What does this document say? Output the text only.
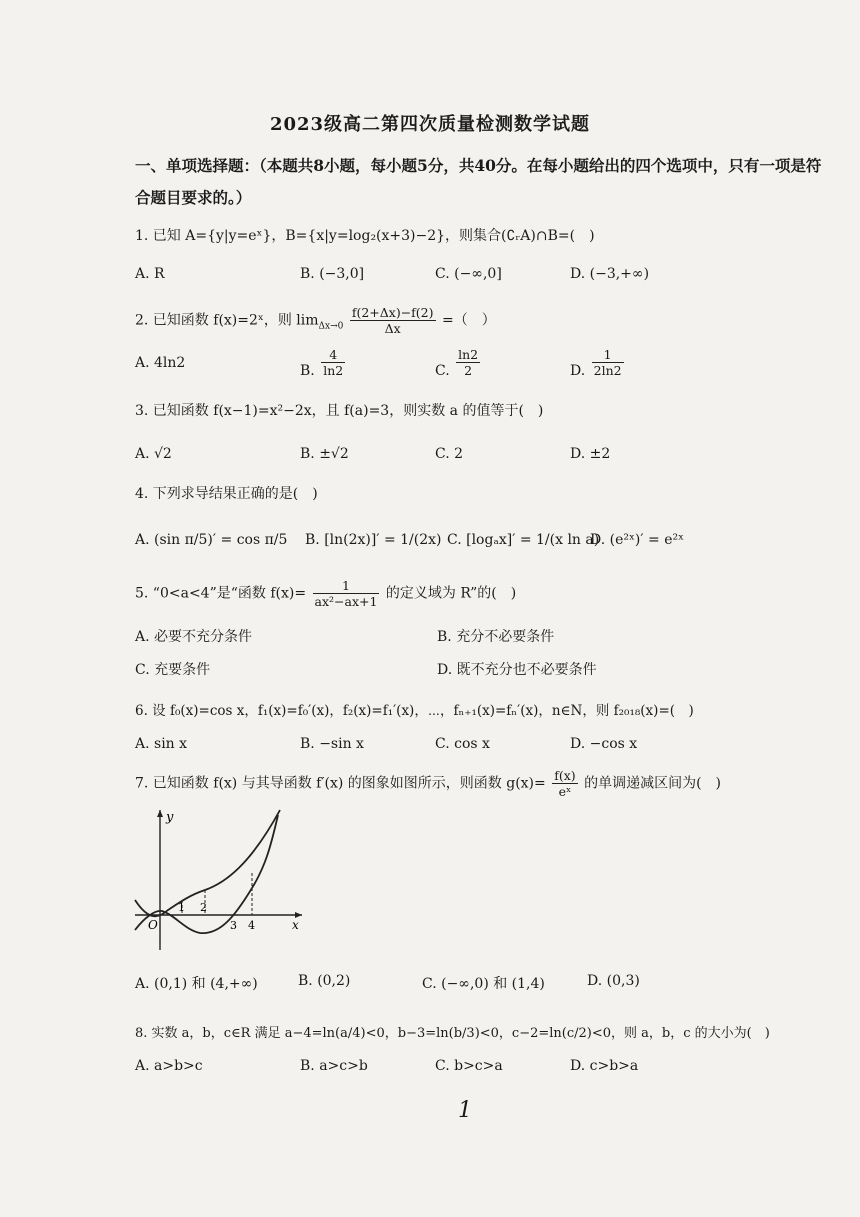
2023级高二第四次质量检测数学试题
一、单项选择题：（本题共8小题，每小题5分，共40分。在每小题给出的四个选项中，只有一项是符合题目要求的。）
1. 已知 A={y|y=eˣ}，B={x|y=log₂(x+3)−2}，则集合(∁ᵣA)∩B=(　)
A. R	B. (−3,0]	C. (−∞,0]	D. (−3,+∞)
2. 已知函数 f(x)=2ˣ，则 $\lim_{\Delta x\to 0} \frac{f(2+\Delta x)-f(2)}{\Delta x}$ =（　）
A. 4ln2	B. $\frac{4}{\ln 2}$	C. $\frac{\ln 2}{2}$	D. $\frac{1}{2\ln 2}$
3. 已知函数 f(x−1)=x²−2x，且 f(a)=3，则实数 a 的值等于(　)
A. √2	B. ±√2	C. 2	D. ±2
4. 下列求导结果正确的是(　)
A. (sin π/5)′ = cos π/5 B. [ln(2x)]′ = 1/(2x) C. [logₐx]′ = 1/(x ln a)
D. (e²ˣ)′ = e²ˣ
5. “0<a<4”是“函数 $f(x)= \frac{1}{\text{ax²−ax+1}}$ 的定义域为 R”的(　)
A. 必要不充分条件	B. 充分不必要条件
C. 充要条件	D. 既不充分也不必要条件
6. 设 f₀(x)=cos x，f₁(x)=f₀′(x)，f₂(x)=f₁′(x)，⋯，fₙ₊₁(x)=fₙ′(x)，n∈N，则 f₂₀₁₈(x)=(　)
A. sin x	B. −sin x	C. cos x	D. −cos x
7. 已知函数 f(x) 与其导函数 f′(x) 的图象如图所示，则函数 $g(x)= \frac{f(x)}{\text{eˣ}}$ 的单调递减区间为(　)
y
x
O
1 2
3 4
A. (0,1) 和 (4,+∞)	B. (0,2)	C. (−∞,0) 和 (1,4)	D. (0,3)
8. 实数 a，b，c∈R 满足 a−4=ln(a/4)<0，b−3=ln(b/3)<0，c−2=ln(c/2)<0，则 a，b，c 的大小为(　)
A. a>b>c	B. a>c>b	C. b>c>a	D. c>b>a
1
